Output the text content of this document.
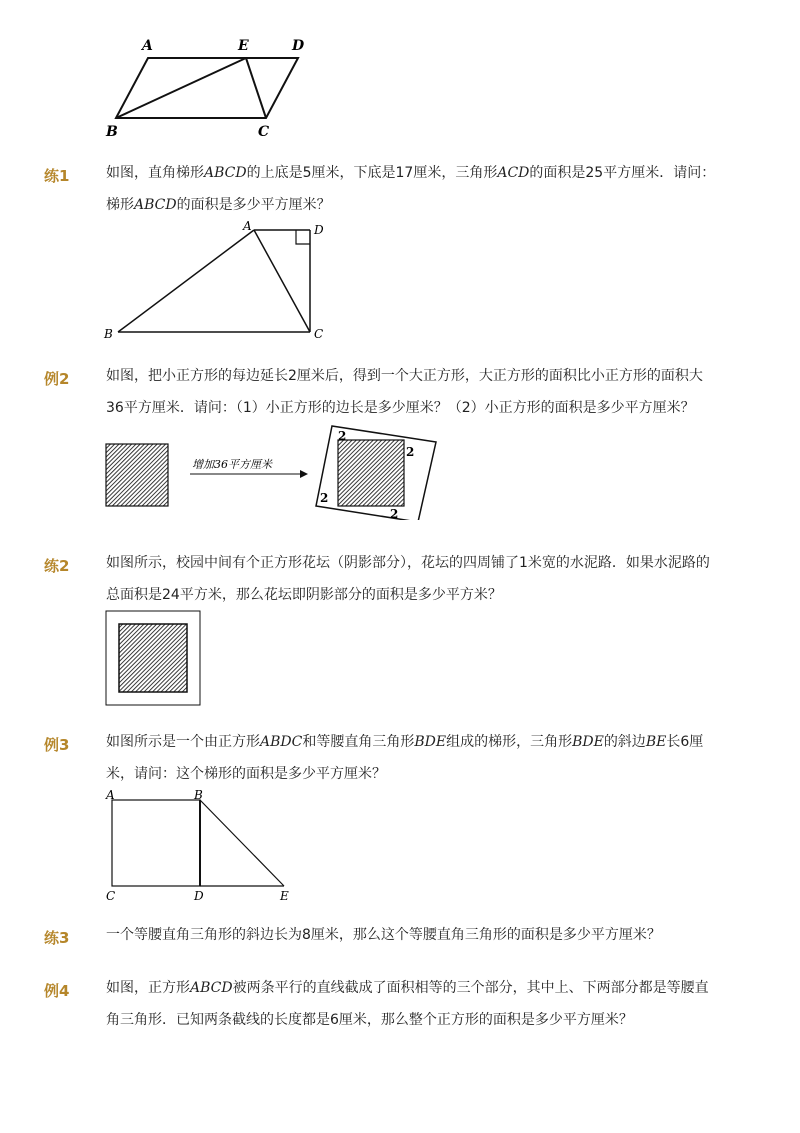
A	E	D
B	C
练1	如图，直角梯形ABCD的上底是5厘米，下底是17厘米，三角形ACD的面积是25平方厘米．请问：
梯形ABCD的面积是多少平方厘米？
A	D
B	C
例2	如图，把小正方形的每边延长2厘米后，得到一个大正方形，大正方形的面积比小正方形的面积大36平方厘米．请问：（1）小正方形的边长是多少厘米？（2）小正方形的面积是多少平方厘米？
增加36平方厘米
2
2
2
2
练2	如图所示，校园中间有个正方形花坛（阴影部分），花坛的四周铺了1米宽的水泥路．如果水泥路的总面积是24平方米，那么花坛即阴影部分的面积是多少平方米？
例3	如图所示是一个由正方形ABDC和等腰直角三角形BDE组成的梯形，三角形BDE的斜边BE长6厘米，请问：这个梯形的面积是多少平方厘米？
A	B
C	D	E
练3	一个等腰直角三角形的斜边长为8厘米，那么这个等腰直角三角形的面积是多少平方厘米？
例4	如图，正方形ABCD被两条平行的直线截成了面积相等的三个部分，其中上、下两部分都是等腰直角三角形．已知两条截线的长度都是6厘米，那么整个正方形的面积是多少平方厘米？
